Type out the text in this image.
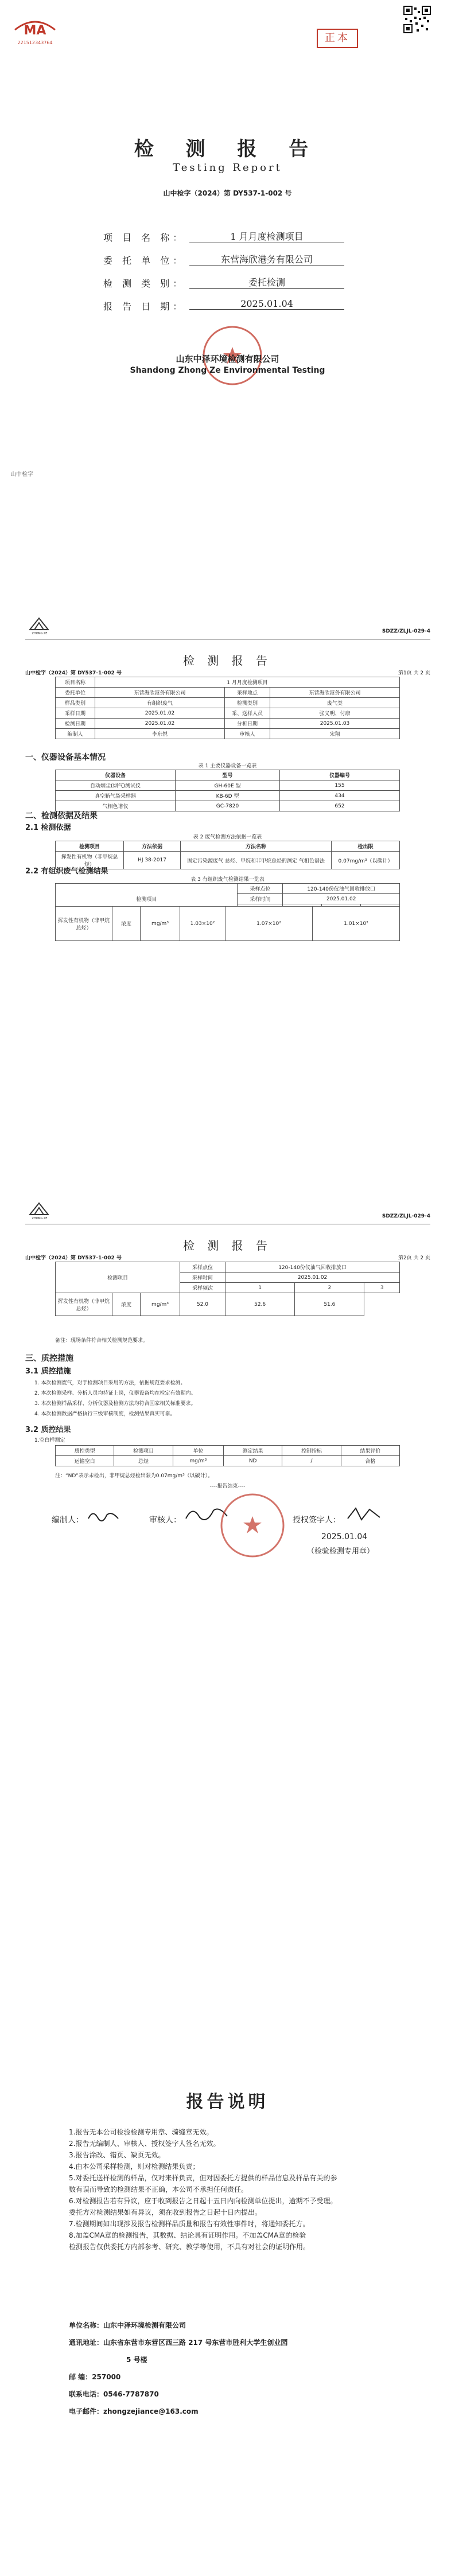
MA
221512343764	正本
检 测 报 告
Testing Report
山中检字（2024）第 DY537-1-002 号
项 目 名 称：	1 月月度检测项目
委 托 单 位：	东营海欣港务有限公司
检 测 类 别：	委托检测
报 告 日 期：	2025.01.04
山东中泽环境检测有限公司
Shandong Zhong Ze Environmental Testing
山中检字
ZHONG ZE	SDZZ/ZLJL-029-4
检 测 报 告
山中检字（2024）第 DY537-1-002 号	第1页 共 2 页
项目名称	1 月月度检测项目		
委托单位	东营海欣港务有限公司	采样地点	东营海欣港务有限公司
样品类别	有组织废气	检测类别	废气类
采样日期	2025.01.02	采、送样人员	张义明、付康
检测日期	2025.01.02	分析日期	2025.01.03
编制人	李东悦	审核人	宋翔
一、仪器设备基本情况
表 1 主要仪器设备一览表
仪器设备	型号	仪器编号
自动烟尘(烟气)测试仪	GH-60E 型	155
真空箱气袋采样器	KB-6D 型	434
气相色谱仪	GC-7820	652
二、检测依据及结果
2.1 检测依据
表 2 废气检测方法依据一览表
检测项目	方法依据	方法名称	检出限
挥发性有机物（非甲烷总烃）	HJ 38-2017	固定污染源废气 总烃、甲烷和非甲烷总烃的测定 气相色谱法	0.07mg/m³（以碳计）
2.2 有组织废气检测结果
表 3 有组织废气检测结果一览表
检测项目	采样点位	120-140份仪油气回收排放口		
	采样时间	2025.01.02		

挥发性有机物（非甲烷总烃）	浓度	mg/m³	1.03×10²	1.07×10²	1.01×10²
ZHONG ZE	SDZZ/ZLJL-029-4
检 测 报 告
山中检字（2024）第 DY537-1-002 号	第2页 共 2 页
检测项目			采样点位	120-140份仪油气回收排放口		
			采样时间	2025.01.02		
			采样频次	1	2	3
挥发性有机物（非甲烷总烃）	浓度	mg/m³	52.0	52.6	51.6	
备注：现场条件符合相关检测规范要求。
三、质控措施
3.1 质控措施
1. 本次检测废气，对于检测项目采用的方法，依据规范要求检测。
2. 本次检测采样、分析人员均持证上岗，仪器设备均在检定有效期内。
3. 本次检测样品采样、分析仪器及检测方法均符合国家相关标准要求。
4. 本次检测数据严格执行三级审核制度，检测结果真实可靠。
3.2 质控结果
1.空白样测定
质控类型	检测项目	单位	测定结果	控制指标	结果评价
运输空白	总烃	mg/m³	ND	/	合格
注：“ND”表示未检出，非甲烷总烃检出限为0.07mg/m³（以碳计）。
----报告结束----
编制人：	审核人：	授权签字人：
2025.01.04
（检验检测专用章）
报告说明
1.报告无本公司检验检测专用章、骑缝章无效。
2.报告无编制人、审核人、授权签字人签名无效。
3.报告涂改、错页、缺页无效。
4.由本公司采样检测，则对检测结果负责；
5.对委托送样检测的样品，仅对来样负责，但对因委托方提供的样品信息及样品有关的参
数有误而导致的检测结果不正确，本公司不承担任何责任。
6.对检测报告若有异议，应于收到报告之日起十五日内向检测单位提出，逾期不予受理。
委托方对检测结果如有异议，须在收到报告之日起十日内提出。
7.检测期间如出现涉及报告检测样品质量和报告有效性事件时，将通知委托方。
8.加盖CMA章的检测报告，其数据、结论具有证明作用。不加盖CMA章的检验
检测报告仅供委托方内部参考、研究、教学等使用，不具有对社会的证明作用。
单位名称：山东中泽环境检测有限公司
通讯地址：山东省东营市东营区西三路 217 号东营市胜利大学生创业园
5 号楼
邮 编：257000
联系电话：0546-7787870
电子邮件：zhongzejiance@163.com
